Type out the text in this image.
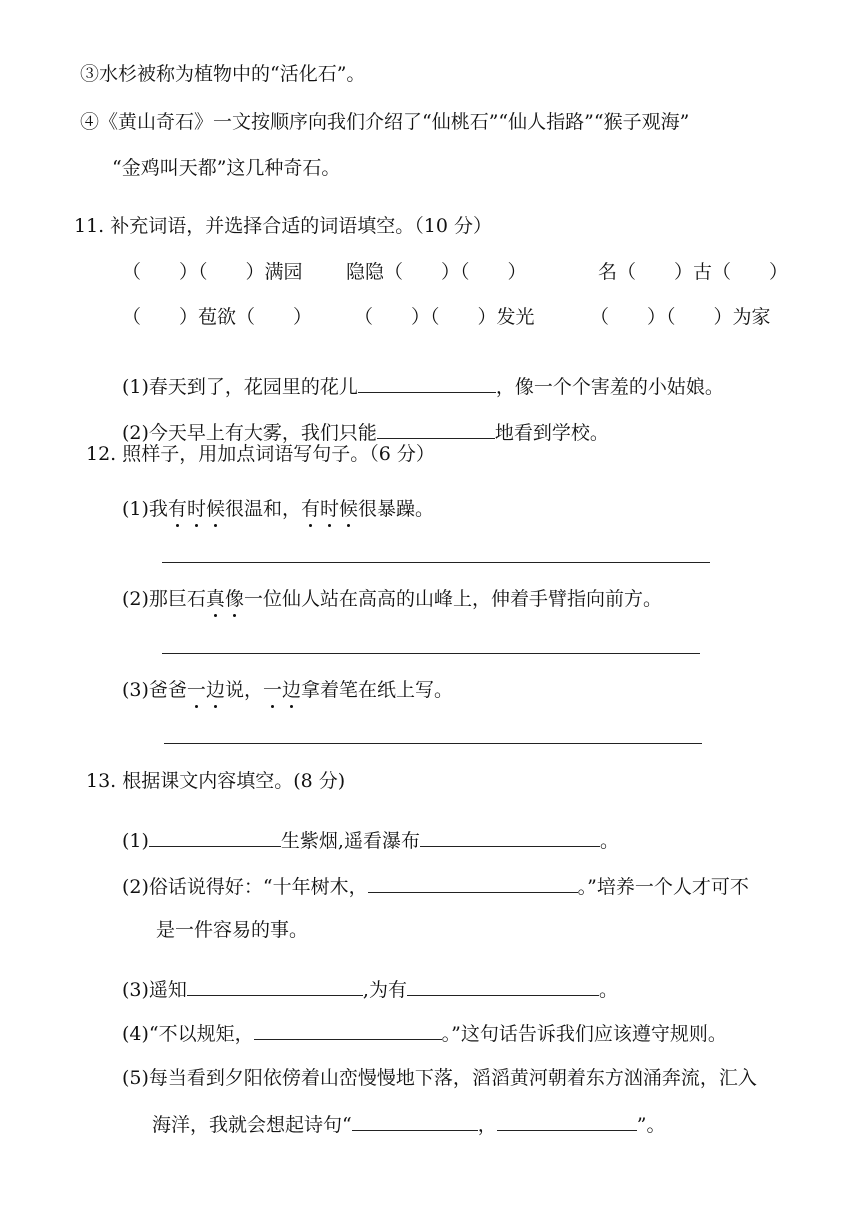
③水杉被称为植物中的“活化石”。
④《黄山奇石》一文按顺序向我们介绍了“仙桃石”“仙人指路”“猴子观海”
“金鸡叫天都”这几种奇石。
11. 补充词语，并选择合适的词语填空。（10 分）
（　　）（　　）满园 隐隐（　　）（　　）	名（　　）古（　　）
（　　）苞欲（　　） （　　）（　　）发光	（　　）（　　）为家

(1)春天到了，花园里的花儿	，像一个个害羞的小姑娘。

(2)今天早上有大雾，我们只能	地看到学校。
12. 照样子，用加点词语写句子。（6 分）
(1)我有时候很温和，有时候很暴躁。
(2)那巨石真像一位仙人站在高高的山峰上，伸着手臂指向前方。
(3)爸爸一边说，一边拿着笔在纸上写。
13. 根据课文内容填空。(8 分)
(1)	生紫烟,遥看瀑布	。
(2)俗话说得好：“十年树木，	。”培养一个人才可不
是一件容易的事。
(3)遥知	,为有	。
(4)“不以规矩，	。”这句话告诉我们应该遵守规则。
(5)每当看到夕阳依傍着山峦慢慢地下落，滔滔黄河朝着东方汹涌奔流，汇入
海洋，我就会想起诗句“	，	”。
